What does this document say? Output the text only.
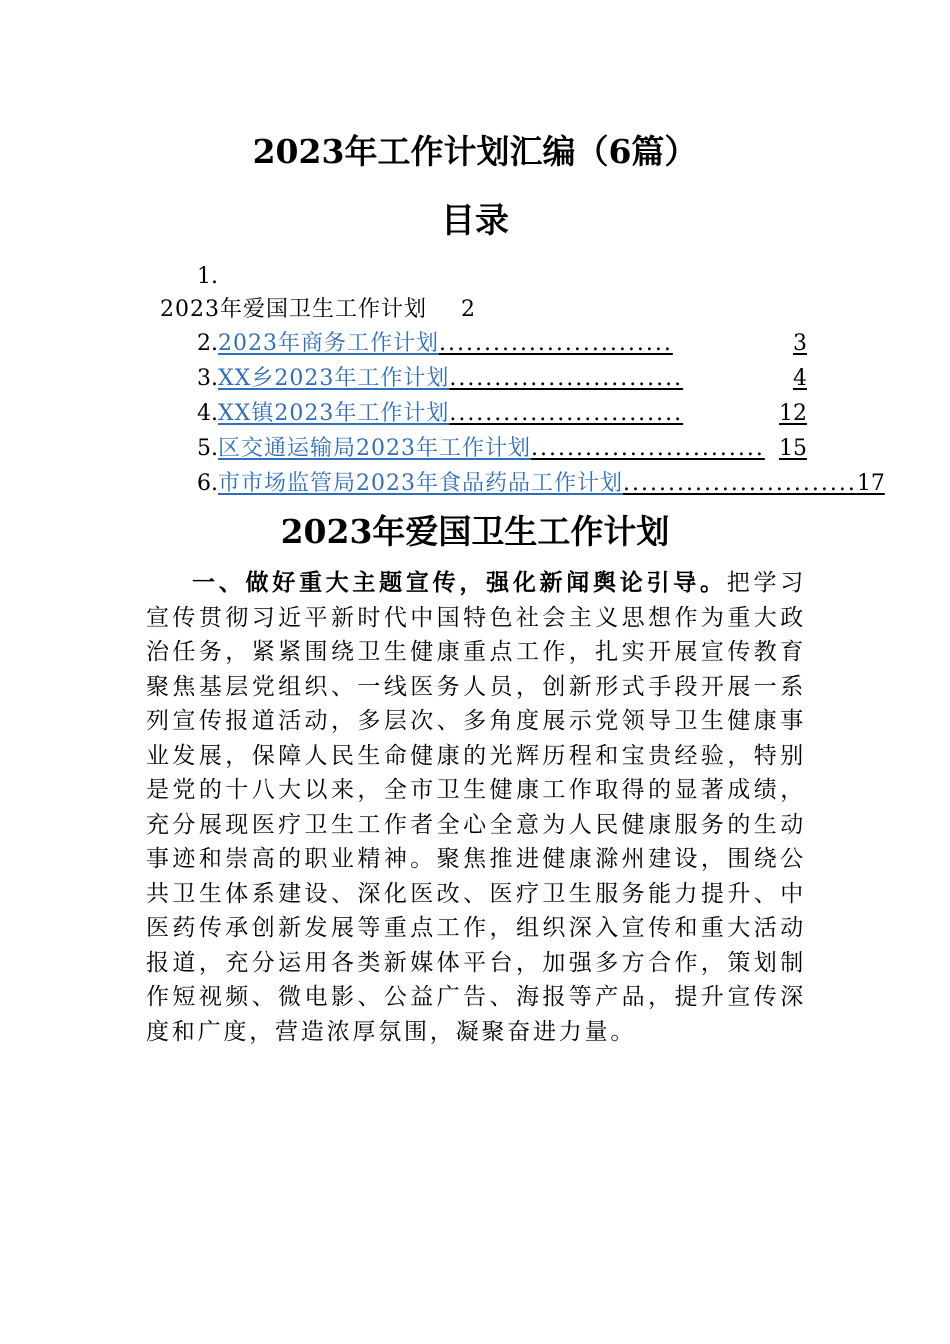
2023年工作计划汇编（6篇）
目录
1.
2023年爱国卫生工作计划 2
2. 2023年商务工作计划 ..........................	3
3. XX乡2023年工作计划 ..........................	4
4. XX镇2023年工作计划 ..........................	12
5. 区交通运输局2023年工作计划 .......................... 15
6. 市市场监管局2023年食品药品工作计划 .......................... 17
2023年爱国卫生工作计划
一、做好重大主题宣传，强化新闻舆论引导。把学习宣传贯彻习近平新时代中国特色社会主义思想作为重大政治任务，紧紧围绕卫生健康重点工作，扎实开展宣传教育聚焦基层党组织、一线医务人员，创新形式手段开展一系列宣传报道活动，多层次、多角度展示党领导卫生健康事业发展，保障人民生命健康的光辉历程和宝贵经验，特别是党的十八大以来，全市卫生健康工作取得的显著成绩，充分展现医疗卫生工作者全心全意为人民健康服务的生动事迹和崇高的职业精神。聚焦推进健康滁州建设，围绕公共卫生体系建设、深化医改、医疗卫生服务能力提升、中医药传承创新发展等重点工作，组织深入宣传和重大活动报道，充分运用各类新媒体平台，加强多方合作，策划制作短视频、微电影、公益广告、海报等产品，提升宣传深度和广度，营造浓厚氛围，凝聚奋进力量。
